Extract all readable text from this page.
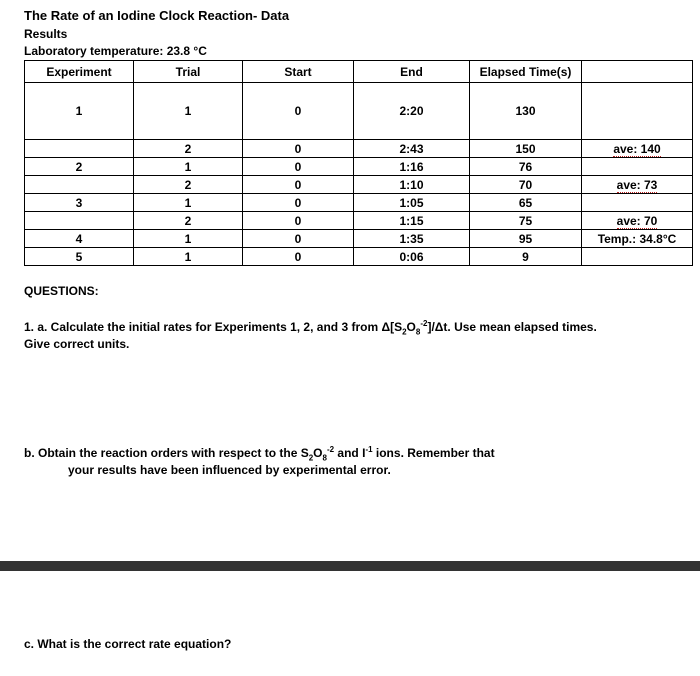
The Rate of an Iodine Clock Reaction- Data
Results
Laboratory temperature: 23.8 °C
Experiment	Trial	Start	End	Elapsed Time(s)	
1	1	0	2:20	130	
	2	0	2:43	150	ave: 140
2	1	0	1:16	76	
	2	0	1:10	70	ave: 73
3	1	0	1:05	65	
	2	0	1:15	75	ave: 70
4	1	0	1:35	95	Temp.: 34.8°C
5	1	0	0:06	9	
QUESTIONS:
1. a. Calculate the initial rates for Experiments 1, 2, and 3 from $\Delta[S_2O_8^{-2}]/\Delta t$. Use mean elapsed times.
Give correct units.
b. Obtain the reaction orders with respect to the $S_2O_8^{-2}$ and $I^{-1}$ ions. Remember that
your results have been influenced by experimental error.
c. What is the correct rate equation?
